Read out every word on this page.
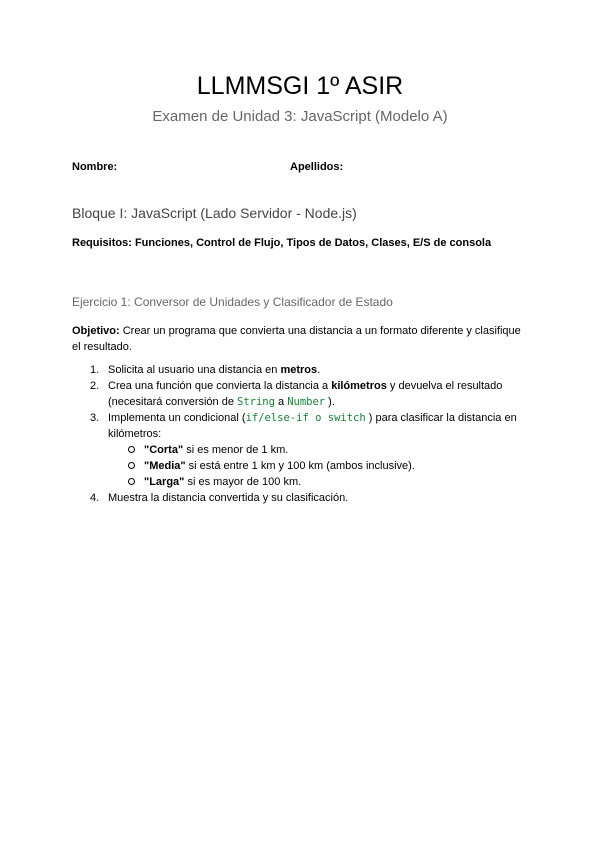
LLMMSGI 1º ASIR

Examen de Unidad 3: JavaScript (Modelo A)

Nombre:	Apellidos:
Bloque I: JavaScript (Lado Servidor - Node.js)
Requisitos: Funciones, Control de Flujo, Tipos de Datos, Clases, E/S de consola
Ejercicio 1: Conversor de Unidades y Clasificador de Estado
Objetivo: Crear un programa que convierta una distancia a un formato diferente y clasifique el resultado.
1. Solicita al usuario una distancia en metros.
2. Crea una función que convierta la distancia a kilómetros y devuelva el resultado (necesitará conversión de String a Number ).
3. Implementa un condicional (if/else-if o switch ) para clasificar la distancia en kilómetros:
"Corta" si es menor de 1 km.
"Media" si está entre 1 km y 100 km (ambos inclusive).
"Larga" si es mayor de 100 km.
4. Muestra la distancia convertida y su clasificación.
